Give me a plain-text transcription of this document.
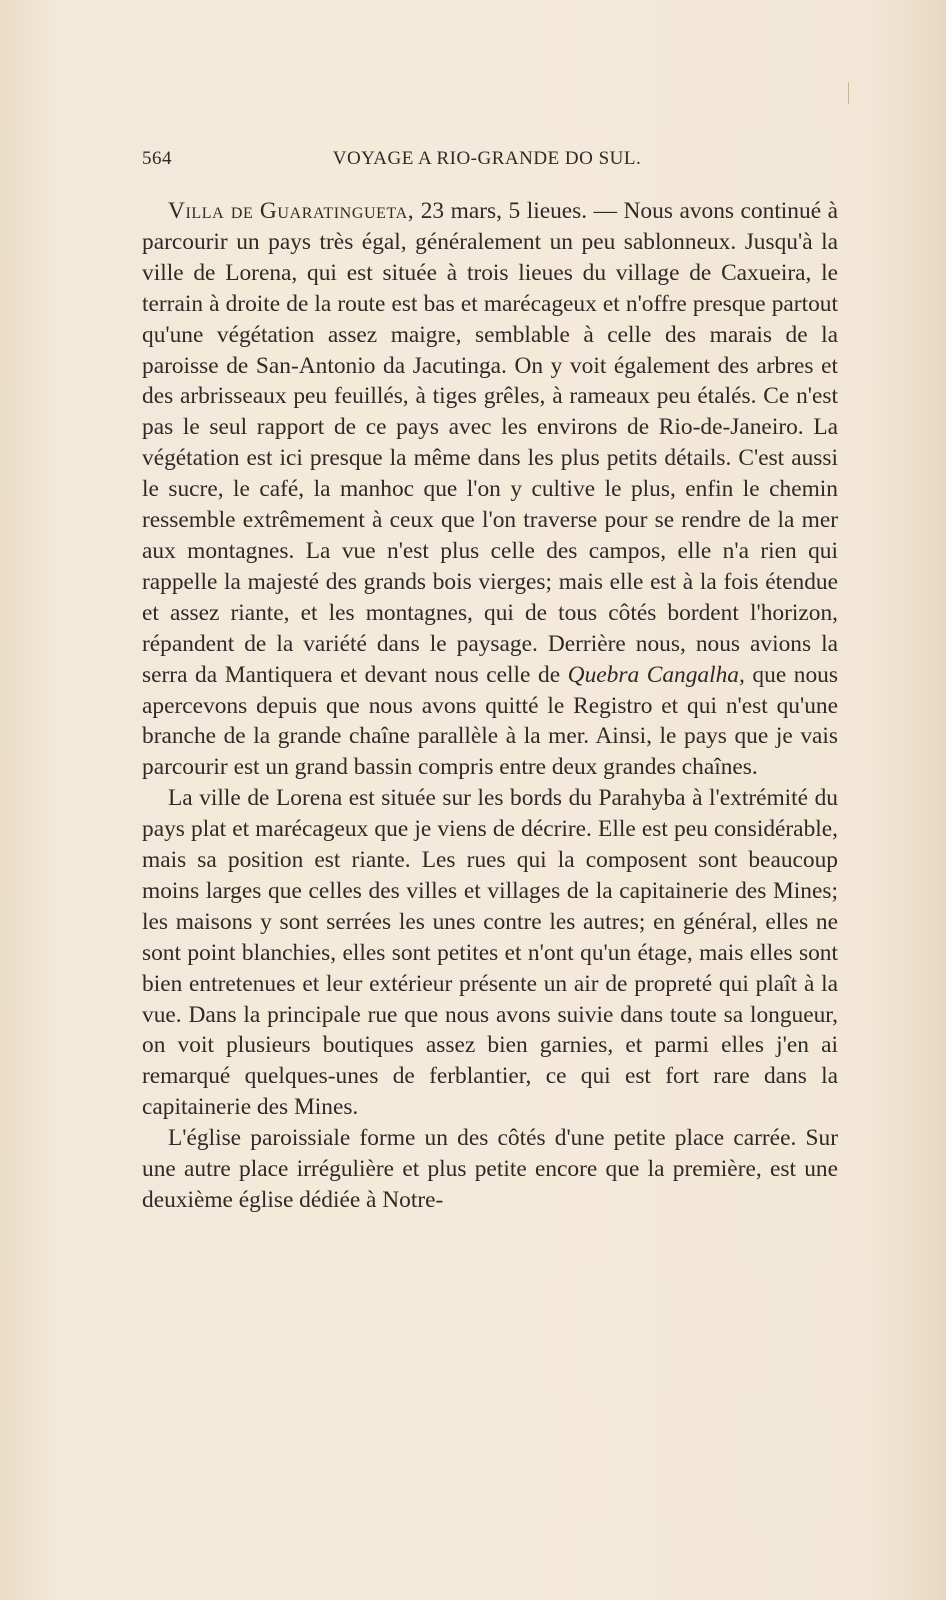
564	VOYAGE A RIO-GRANDE DO SUL.

Villa de Guaratingueta, 23 mars, 5 lieues. — Nous avons continué à parcourir un pays très égal, généralement un peu sablonneux. Jusqu'à la ville de Lorena, qui est située à trois lieues du village de Caxueira, le terrain à droite de la route est bas et marécageux et n'offre presque partout qu'une végétation assez maigre, semblable à celle des marais de la paroisse de San-Antonio da Jacutinga. On y voit également des arbres et des arbrisseaux peu feuillés, à tiges grêles, à rameaux peu étalés. Ce n'est pas le seul rapport de ce pays avec les environs de Rio-de-Janeiro. La végétation est ici presque la même dans les plus petits détails. C'est aussi le sucre, le café, la manhoc que l'on y cultive le plus, enfin le chemin ressemble extrêmement à ceux que l'on traverse pour se rendre de la mer aux montagnes. La vue n'est plus celle des campos, elle n'a rien qui rappelle la majesté des grands bois vierges; mais elle est à la fois étendue et assez riante, et les montagnes, qui de tous côtés bordent l'horizon, répandent de la variété dans le paysage. Derrière nous, nous avions la serra da Mantiquera et devant nous celle de Quebra Cangalha, que nous apercevons depuis que nous avons quitté le Registro et qui n'est qu'une branche de la grande chaîne parallèle à la mer. Ainsi, le pays que je vais parcourir est un grand bassin compris entre deux grandes chaînes.

La ville de Lorena est située sur les bords du Parahyba à l'extrémité du pays plat et marécageux que je viens de décrire. Elle est peu considérable, mais sa position est riante. Les rues qui la composent sont beaucoup moins larges que celles des villes et villages de la capitainerie des Mines; les maisons y sont serrées les unes contre les autres; en général, elles ne sont point blanchies, elles sont petites et n'ont qu'un étage, mais elles sont bien entretenues et leur extérieur présente un air de propreté qui plaît à la vue. Dans la principale rue que nous avons suivie dans toute sa longueur, on voit plusieurs boutiques assez bien garnies, et parmi elles j'en ai remarqué quelques-unes de ferblantier, ce qui est fort rare dans la capitainerie des Mines.

L'église paroissiale forme un des côtés d'une petite place carrée. Sur une autre place irrégulière et plus petite encore que la première, est une deuxième église dédiée à Notre-
